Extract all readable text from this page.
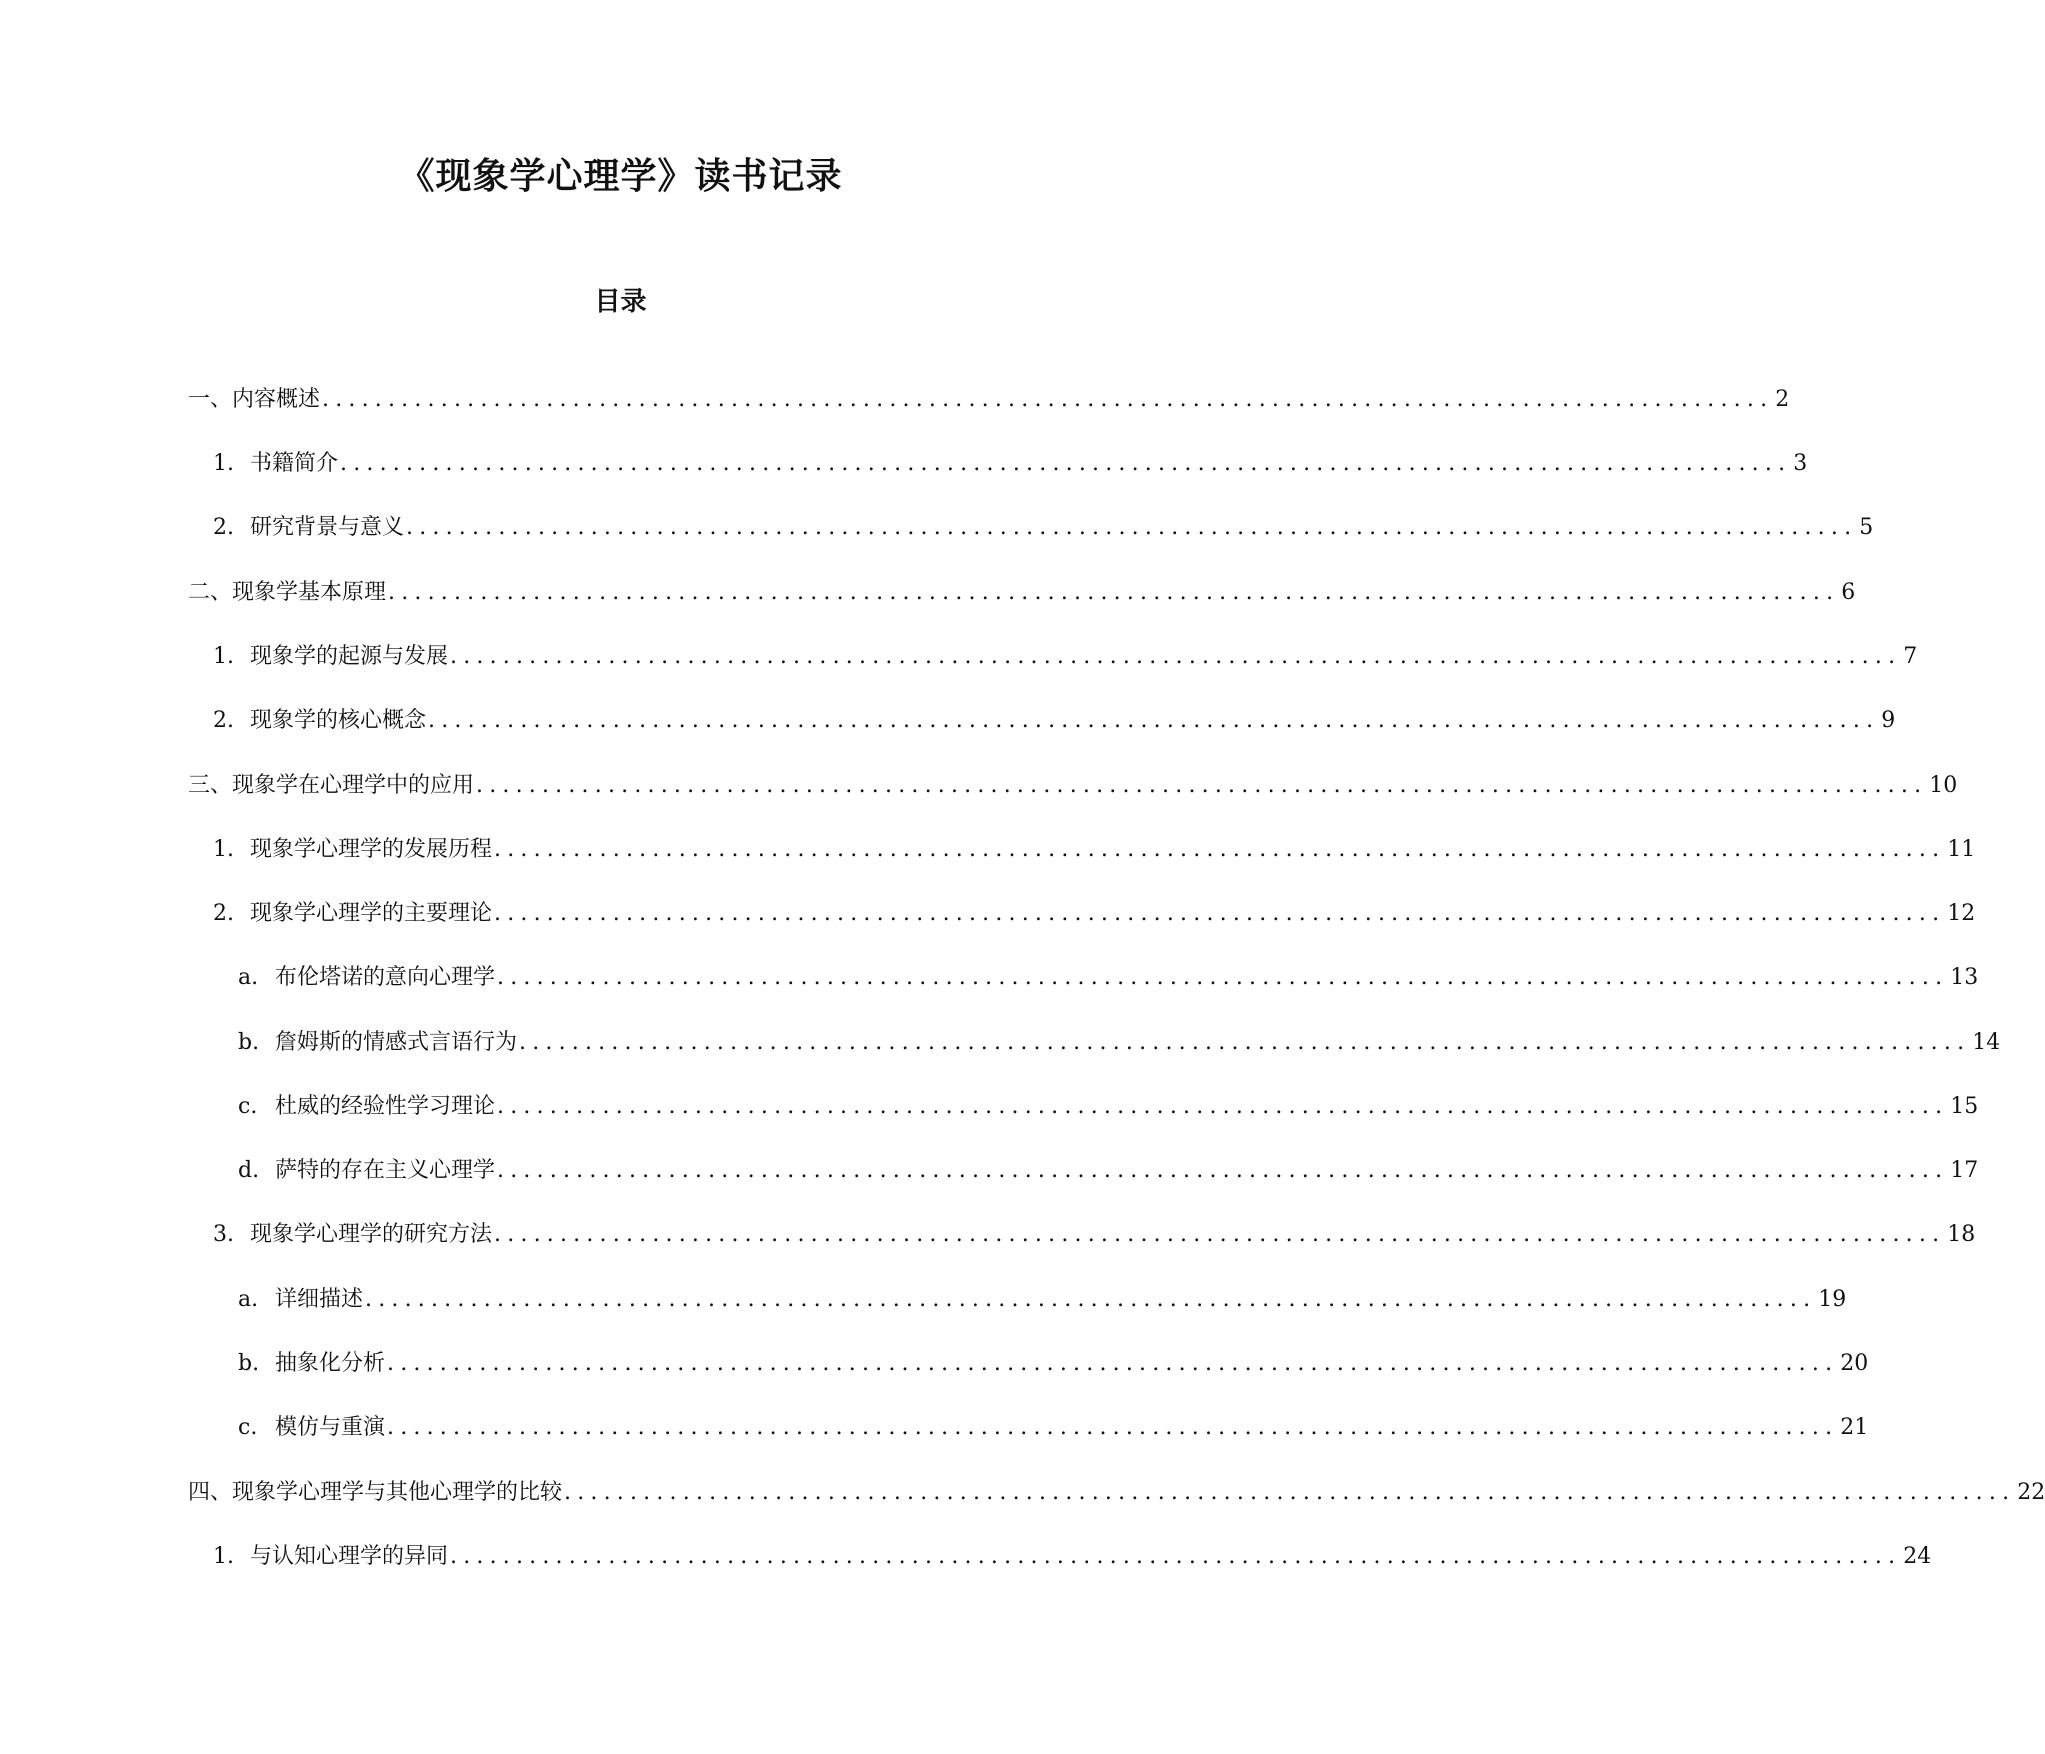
《现象学心理学》读书记录
目录
一、内容概述 .............................................................................................................. 2
1. 书籍简介 .............................................................................................................. 3
2. 研究背景与意义 .............................................................................................................. 5
二、现象学基本原理 .............................................................................................................. 6
1. 现象学的起源与发展 .............................................................................................................. 7
2. 现象学的核心概念 .............................................................................................................. 9
三、现象学在心理学中的应用 .............................................................................................................. 10
1. 现象学心理学的发展历程 .............................................................................................................. 11
2. 现象学心理学的主要理论 .............................................................................................................. 12
a. 布伦塔诺的意向心理学 .............................................................................................................. 13
b. 詹姆斯的情感式言语行为 .............................................................................................................. 14
c. 杜威的经验性学习理论 .............................................................................................................. 15
d. 萨特的存在主义心理学 .............................................................................................................. 17
3. 现象学心理学的研究方法 .............................................................................................................. 18
a. 详细描述 .............................................................................................................. 19
b. 抽象化分析 .............................................................................................................. 20
c. 模仿与重演 .............................................................................................................. 21
四、现象学心理学与其他心理学的比较 .............................................................................................................. 22
1. 与认知心理学的异同 .............................................................................................................. 24
